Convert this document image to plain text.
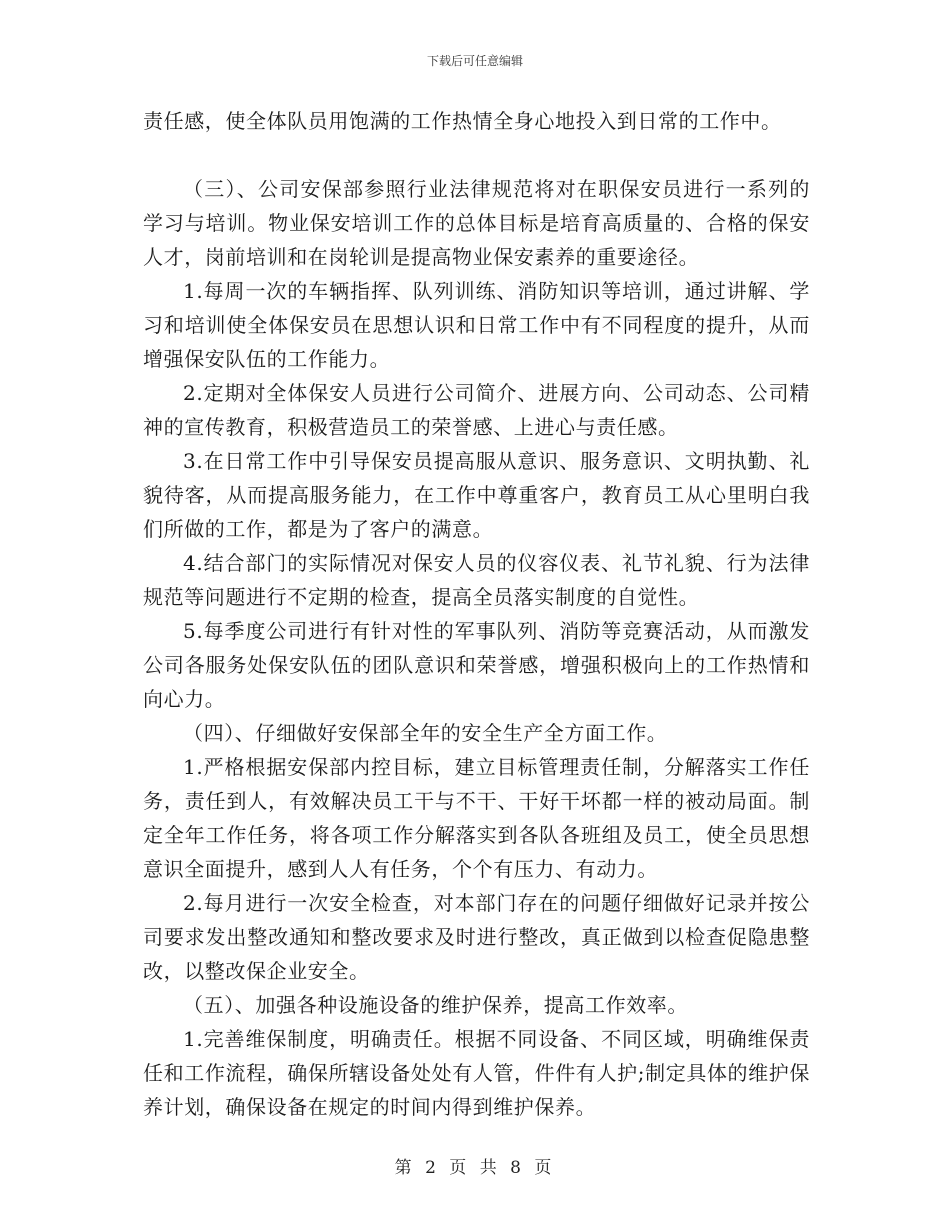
下载后可任意编辑

责任感，使全体队员用饱满的工作热情全身心地投入到日常的工作中。

（三）、公司安保部参照行业法律规范将对在职保安员进行一系列的学习与培训。物业保安培训工作的总体目标是培育高质量的、合格的保安人才，岗前培训和在岗轮训是提高物业保安素养的重要途径。

1.每周一次的车辆指挥、队列训练、消防知识等培训，通过讲解、学习和培训使全体保安员在思想认识和日常工作中有不同程度的提升，从而增强保安队伍的工作能力。

2.定期对全体保安人员进行公司简介、进展方向、公司动态、公司精神的宣传教育，积极营造员工的荣誉感、上进心与责任感。

3.在日常工作中引导保安员提高服从意识、服务意识、文明执勤、礼貌待客，从而提高服务能力，在工作中尊重客户，教育员工从心里明白我们所做的工作，都是为了客户的满意。

4.结合部门的实际情况对保安人员的仪容仪表、礼节礼貌、行为法律规范等问题进行不定期的检查，提高全员落实制度的自觉性。

5.每季度公司进行有针对性的军事队列、消防等竞赛活动，从而激发公司各服务处保安队伍的团队意识和荣誉感，增强积极向上的工作热情和向心力。

（四）、仔细做好安保部全年的安全生产全方面工作。

1.严格根据安保部内控目标，建立目标管理责任制，分解落实工作任务，责任到人，有效解决员工干与不干、干好干坏都一样的被动局面。制定全年工作任务，将各项工作分解落实到各队各班组及员工，使全员思想意识全面提升，感到人人有任务，个个有压力、有动力。

2.每月进行一次安全检查，对本部门存在的问题仔细做好记录并按公司要求发出整改通知和整改要求及时进行整改，真正做到以检查促隐患整改，以整改保企业安全。

（五）、加强各种设施设备的维护保养，提高工作效率。

1.完善维保制度，明确责任。根据不同设备、不同区域，明确维保责任和工作流程，确保所辖设备处处有人管，件件有人护;制定具体的维护保养计划，确保设备在规定的时间内得到维护保养。

第 2 页 共 8 页
